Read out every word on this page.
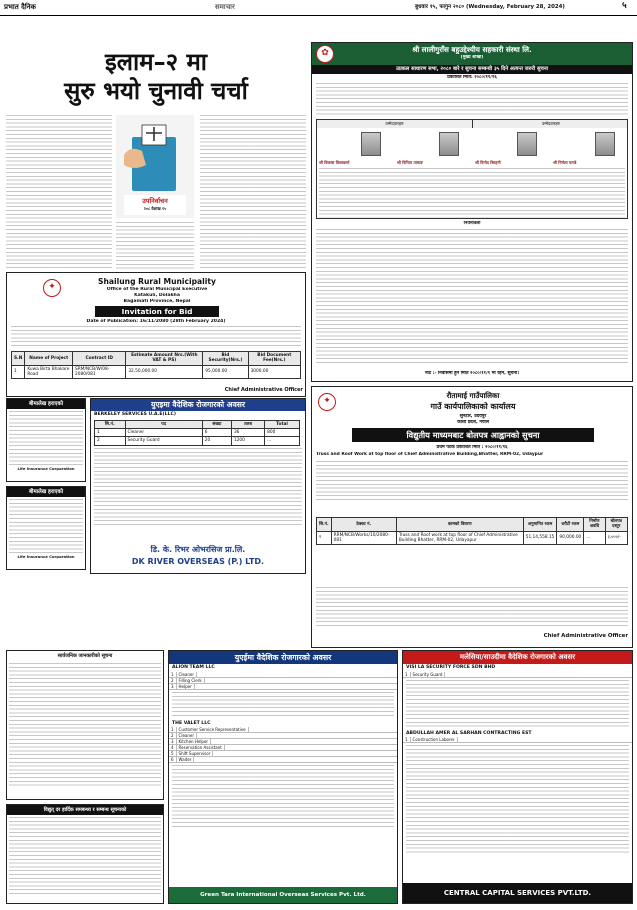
प्रभात दैनिक	समाचार	बुधवार १५, फागुन २०८० (Wednesday, February 28, 2024)	५
इलाम–२ मा
सुरु भयो चुनावी चर्चा
उपनिर्वाचन
२०८ वैशाख १५
श्री लालीगुराँस बहुउद्देश्यीय सहकारी संस्था लि.
(मुख्य शाखा)
✿
उप्रकल साधारण सभा, २०८० बारे र सुचना सम्बन्धी ३५ दिने अत्यन्त जरुरी सुचना
प्रकाशित मिति: २०८०/११/१६
उम्मेदवारहरु	उम्मेदवारहरु
श्री विकास विश्वकर्मा	श्री विनिता तामाङ	श्री विनोद बिरहनी	श्री निर्मला पाण्डे
नियमावली
नोट :- निवासमा हुने मिति २०८०/११/१ मा रहने, सुचना।
✦
Shailung Rural Municipality
Office of the Rural Municipal Executive
Katakuli, Dolakha
Bagamati Province, Nepal
Invitation for Bid
Date of Publication: 16/11/2080 (28th February 2024)
S.N	Name of Project	Contract ID	Estimate Amount Nrs.(With VAT & PS)	Bid Security(Nrs.)	Bid Document Fee(Nrs.)
1	Kuwa Birta Bhakare Road	SRM/NCB/W/08-2080/081	32,50,000.00	95,000.00	3000.00
Chief Administrative Officer
✦
रौतामाई गाउँपालिका
गाउँ कार्यपालिकाको कार्यालय
सुनटार, उदयपुर
कोशी प्रदेश, नेपाल
विद्युतीय माध्यमबाट बोलपत्र आह्वानको सुचना
प्रथम पटक प्रकाशित मिति : २०८०/११/१६
Truss and Roof Work at top floor of Chief Administrative Building,Bhatter, RRM-02, Udaypur
सि.नं.	ठेक्का नं.	कामको विवरण	अनुमानित रकम	धरौटी रकम	निर्माण अवधि	बोलपत्र दस्तुर
१	RRM/NCB/Works/10/2080-081	Truss and Roof work at top floor of Chief Administrative Building Bhatter, RRM-02, Udayapur	51,14,558.15	90,000.00	...	३,०००/-
Chief Administrative Officer
बीमालेख हराएको
Life Insurance Corporation
बीमालेख हराएको
Life Insurance Corporation
युएइमा वैदेशिक रोजगारको अवसर
BERKELEY SERVICES U.A.E(LLC)
सि.नं.	पद	संख्या	तलब	Total
1	Cleaner	6	36	800
2	Security Guard	20	1200	...
डि. के. रिभर ओभरसिज प्रा.लि.
DK RIVER OVERSEAS (P.) LTD.
सार्वजनिक जानकारीको सूचना
विद्युत् दर हार्दिक समबन्ध्य र सम्बन्ध सूचनाको
युएईमा वैदेशिक रोजगारको अवसर
ALION TEAM LLC
1	Cleaner
2	Filling Clerk
3	Helper
THE VALET LLC
1	Customer Service Representative
2	Cleaner
3	Kitchen Helper
4	Reservation Assistant
5	Shift Supervisor
6	Waiter
Green Tara International Overseas Services Pvt. Ltd.
मलेसिया/साउदीमा वैदेशिक रोजगारको अवसर
VISI LA SECURITY FORCE SDN BHD
1	Security Guard
ABDULLAH AMER AL SARHAN CONTRACTING EST
1	Construction Laborer
CENTRAL CAPITAL SERVICES PVT.LTD.
